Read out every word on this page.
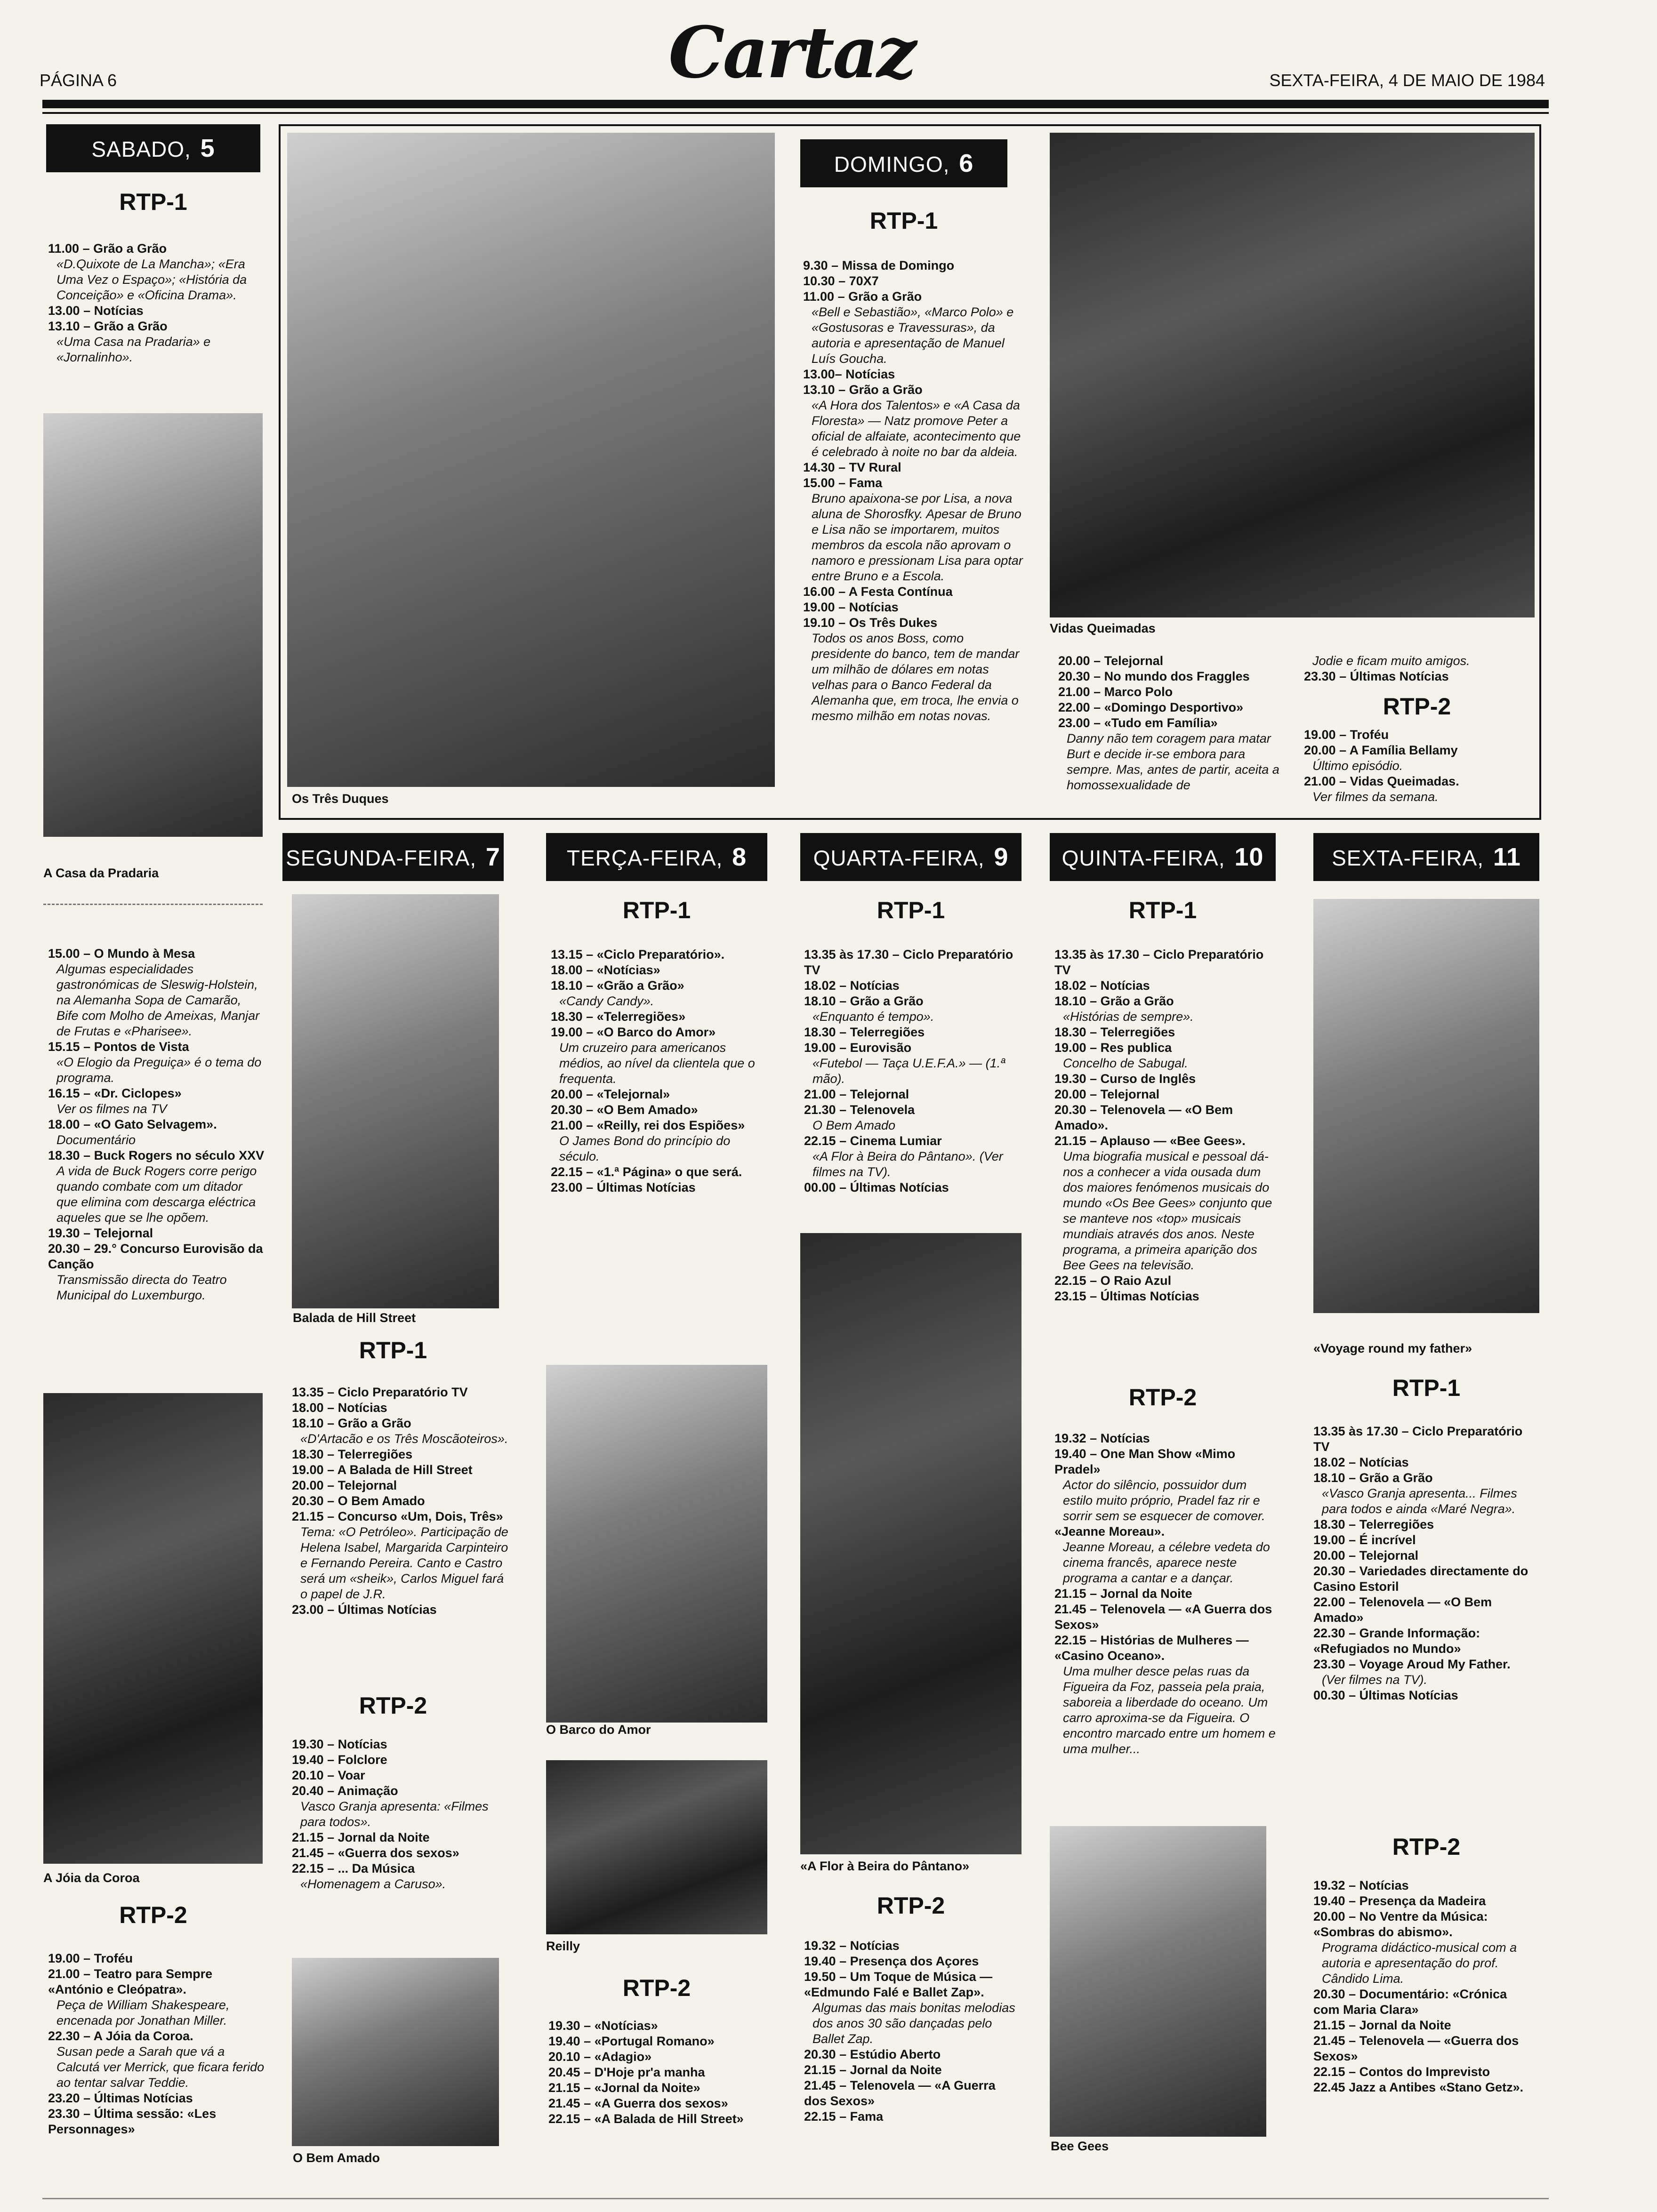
PÁGINA 6	Cartaz	SEXTA-FEIRA, 4 DE MAIO DE 1984
SABADO, 5
RTP-1

11.00 – Grão a Grão
«D.Quixote de La Mancha»; «Era Uma Vez o Espaço»; «História da Conceição» e «Oficina Drama».

13.00 – Notícias

13.10 – Grão a Grão
«Uma Casa na Pradaria» e «Jornalinho».

A Casa da Pradaria

15.00 – O Mundo à Mesa
Algumas especialidades gastronómicas de Sleswig-Holstein, na Alemanha Sopa de Camarão, Bife com Molho de Ameixas, Manjar de Frutas e «Pharisee».

15.15 – Pontos de Vista
«O Elogio da Preguiça» é o tema do programa.

16.15 – «Dr. Ciclopes»
Ver os filmes na TV

18.00 – «O Gato Selvagem».
Documentário

18.30 – Buck Rogers no século XXV
A vida de Buck Rogers corre perigo quando combate com um ditador que elimina com descarga eléctrica aqueles que se lhe opõem.

19.30 – Telejornal

20.30 – 29.° Concurso Eurovisão da Canção
Transmissão directa do Teatro Municipal do Luxemburgo.

A Jóia da Coroa
RTP-2

19.00 – Troféu

21.00 – Teatro para Sempre «António e Cleópatra».
Peça de William Shakespeare, encenada por Jonathan Miller.

22.30 – A Jóia da Coroa.
Susan pede a Sarah que vá a Calcutá ver Merrick, que ficara ferido ao tentar salvar Teddie.

23.20 – Últimas Notícias

23.30 – Última sessão: «Les Personnages»

Os Três Duques
DOMINGO, 6
RTP-1

9.30 – Missa de Domingo

10.30 – 70X7

11.00 – Grão a Grão
«Bell e Sebastião», «Marco Polo» e «Gostusoras e Travessuras», da autoria e apresentação de Manuel Luís Goucha.

13.00– Notícias

13.10 – Grão a Grão
«A Hora dos Talentos» e «A Casa da Floresta» — Natz promove Peter a oficial de alfaiate, acontecimento que é celebrado à noite no bar da aldeia.

14.30 – TV Rural

15.00 – Fama
Bruno apaixona-se por Lisa, a nova aluna de Shorosfky. Apesar de Bruno e Lisa não se importarem, muitos membros da escola não aprovam o namoro e pressionam Lisa para optar entre Bruno e a Escola.

16.00 – A Festa Contínua

19.00 – Notícias

19.10 – Os Três Dukes
Todos os anos Boss, como presidente do banco, tem de mandar um milhão de dólares em notas velhas para o Banco Federal da Alemanha que, em troca, lhe envia o mesmo milhão em notas novas.

Vidas Queimadas

20.00 – Telejornal

20.30 – No mundo dos Fraggles

21.00 – Marco Polo

22.00 – «Domingo Desportivo»

23.00 – «Tudo em Família»
Danny não tem coragem para matar Burt e decide ir-se embora para sempre. Mas, antes de partir, aceita a homossexualidade de

Jodie e ficam muito amigos.

23.30 – Últimas Notícias

RTP-2

19.00 – Troféu

20.00 – A Família Bellamy
Último episódio.

21.00 – Vidas Queimadas.
Ver filmes da semana.

SEGUNDA-FEIRA, 7
Balada de Hill Street
RTP-1

13.35 – Ciclo Preparatório TV

18.00 – Notícias

18.10 – Grão a Grão
«D'Artacão e os Três Moscãoteiros».

18.30 – Telerregiões

19.00 – A Balada de Hill Street

20.00 – Telejornal

20.30 – O Bem Amado

21.15 – Concurso «Um, Dois, Três»
Tema: «O Petróleo». Participação de Helena Isabel, Margarida Carpinteiro e Fernando Pereira. Canto e Castro será um «sheik», Carlos Miguel fará o papel de J.R.

23.00 – Últimas Notícias

RTP-2

19.30 – Notícias

19.40 – Folclore

20.10 – Voar

20.40 – Animação
Vasco Granja apresenta: «Filmes para todos».

21.15 – Jornal da Noite

21.45 – «Guerra dos sexos»

22.15 – ... Da Música
«Homenagem a Caruso».

O Bem Amado
TERÇA-FEIRA, 8
RTP-1

13.15 – «Ciclo Preparatório».

18.00 – «Notícias»

18.10 – «Grão a Grão»
«Candy Candy».

18.30 – «Telerregiões»

19.00 – «O Barco do Amor»
Um cruzeiro para americanos médios, ao nível da clientela que o frequenta.

20.00 – «Telejornal»

20.30 – «O Bem Amado»

21.00 – «Reilly, rei dos Espiões»
O James Bond do princípio do século.

22.15 – «1.ª Página» o que será.

23.00 – Últimas Notícias

O Barco do Amor
Reilly
RTP-2

19.30 – «Notícias»

19.40 – «Portugal Romano»

20.10 – «Adagio»

20.45 – D'Hoje pr'a manha

21.15 – «Jornal da Noite»

21.45 – «A Guerra dos sexos»

22.15 – «A Balada de Hill Street»

QUARTA-FEIRA, 9
RTP-1

13.35 às 17.30 – Ciclo Preparatório TV

18.02 – Notícias

18.10 – Grão a Grão
«Enquanto é tempo».

18.30 – Telerregiões

19.00 – Eurovisão
«Futebol — Taça U.E.F.A.» — (1.ª mão).

21.00 – Telejornal

21.30 – Telenovela
O Bem Amado

22.15 – Cinema Lumiar
«A Flor à Beira do Pântano». (Ver filmes na TV).

00.00 – Últimas Notícias

«A Flor à Beira do Pântano»
RTP-2

19.32 – Notícias

19.40 – Presença dos Açores

19.50 – Um Toque de Música — «Edmundo Falé e Ballet Zap».
Algumas das mais bonitas melodias dos anos 30 são dançadas pelo Ballet Zap.

20.30 – Estúdio Aberto

21.15 – Jornal da Noite

21.45 – Telenovela — «A Guerra dos Sexos»

22.15 – Fama

QUINTA-FEIRA, 10
RTP-1

13.35 às 17.30 – Ciclo Preparatório TV

18.02 – Notícias

18.10 – Grão a Grão
«Histórias de sempre».

18.30 – Telerregiões

19.00 – Res publica
Concelho de Sabugal.

19.30 – Curso de Inglês

20.00 – Telejornal

20.30 – Telenovela — «O Bem Amado».

21.15 – Aplauso — «Bee Gees».
Uma biografia musical e pessoal dá-nos a conhecer a vida ousada dum dos maiores fenómenos musicais do mundo «Os Bee Gees» conjunto que se manteve nos «top» musicais mundiais através dos anos. Neste programa, a primeira aparição dos Bee Gees na televisão.

22.15 – O Raio Azul

23.15 – Últimas Notícias

RTP-2

19.32 – Notícias

19.40 – One Man Show «Mimo Pradel»
Actor do silêncio, possuidor dum estilo muito próprio, Pradel faz rir e sorrir sem se esquecer de comover.

«Jeanne Moreau».
Jeanne Moreau, a célebre vedeta do cinema francês, aparece neste programa a cantar e a dançar.

21.15 – Jornal da Noite

21.45 – Telenovela — «A Guerra dos Sexos»

22.15 – Histórias de Mulheres — «Casino Oceano».
Uma mulher desce pelas ruas da Figueira da Foz, passeia pela praia, saboreia a liberdade do oceano. Um carro aproxima-se da Figueira. O encontro marcado entre um homem e uma mulher...

Bee Gees
SEXTA-FEIRA, 11
«Voyage round my father»
RTP-1

13.35 às 17.30 – Ciclo Preparatório TV

18.02 – Notícias

18.10 – Grão a Grão
«Vasco Granja apresenta... Filmes para todos e ainda «Maré Negra».

18.30 – Telerregiões

19.00 – É incrível

20.00 – Telejornal

20.30 – Variedades directamente do Casino Estoril

22.00 – Telenovela — «O Bem Amado»

22.30 – Grande Informação: «Refugiados no Mundo»

23.30 – Voyage Aroud My Father.
(Ver filmes na TV).

00.30 – Últimas Notícias

RTP-2

19.32 – Notícias

19.40 – Presença da Madeira

20.00 – No Ventre da Música: «Sombras do abismo».
Programa didáctico-musical com a autoria e apresentação do prof. Cândido Lima.

20.30 – Documentário: «Crónica com Maria Clara»

21.15 – Jornal da Noite

21.45 – Telenovela — «Guerra dos Sexos»

22.15 – Contos do Imprevisto

22.45 Jazz a Antibes «Stano Getz».
